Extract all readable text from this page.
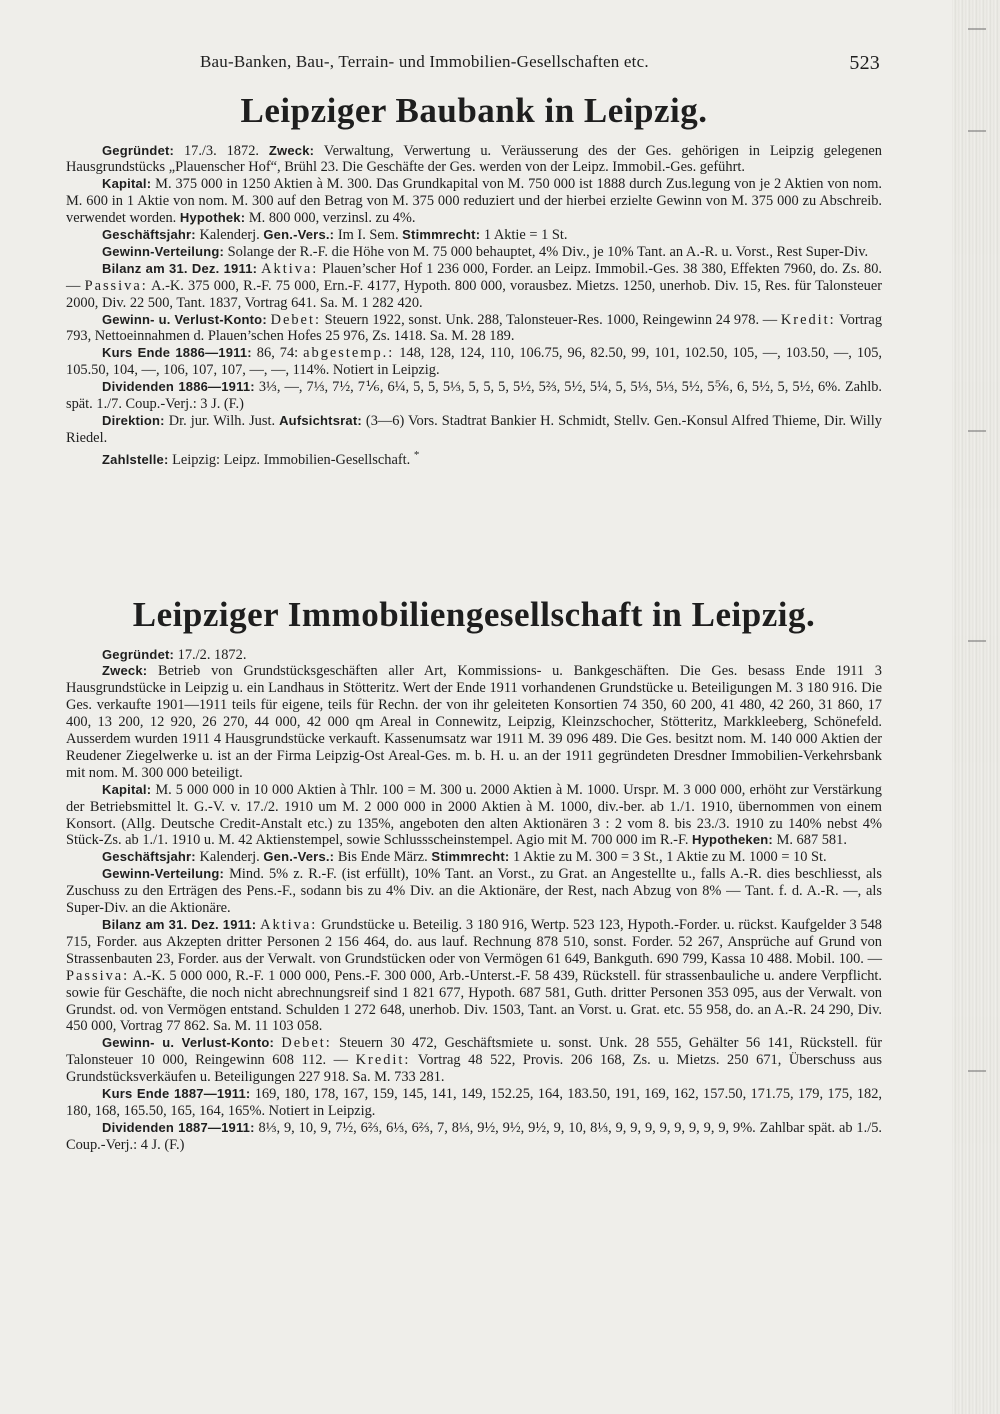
Bau-Banken, Bau-, Terrain- und Immobilien-Gesellschaften etc.	523
Leipziger Baubank in Leipzig.

Gegründet: 17./3. 1872. Zweck: Verwaltung, Verwertung u. Veräusserung des der Ges. gehörigen in Leipzig gelegenen Hausgrundstücks „Plauenscher Hof“, Brühl 23. Die Geschäfte der Ges. werden von der Leipz. Immobil.-Ges. geführt.

Kapital: M. 375 000 in 1250 Aktien à M. 300. Das Grundkapital von M. 750 000 ist 1888 durch Zus.legung von je 2 Aktien von nom. M. 600 in 1 Aktie von nom. M. 300 auf den Betrag von M. 375 000 reduziert und der hierbei erzielte Gewinn von M. 375 000 zu Abschreib. verwendet worden. Hypothek: M. 800 000, verzinsl. zu 4%.

Geschäftsjahr: Kalenderj. Gen.-Vers.: Im I. Sem. Stimmrecht: 1 Aktie = 1 St.

Gewinn-Verteilung: Solange der R.-F. die Höhe von M. 75 000 behauptet, 4% Div., je 10% Tant. an A.-R. u. Vorst., Rest Super-Div.

Bilanz am 31. Dez. 1911: Aktiva: Plauen’scher Hof 1 236 000, Forder. an Leipz. Immobil.-Ges. 38 380, Effekten 7960, do. Zs. 80. — Passiva: A.-K. 375 000, R.-F. 75 000, Ern.-F. 4177, Hypoth. 800 000, vorausbez. Mietzs. 1250, unerhob. Div. 15, Res. für Talonsteuer 2000, Div. 22 500, Tant. 1837, Vortrag 641. Sa. M. 1 282 420.

Gewinn- u. Verlust-Konto: Debet: Steuern 1922, sonst. Unk. 288, Talonsteuer-Res. 1000, Reingewinn 24 978. — Kredit: Vortrag 793, Nettoeinnahmen d. Plauen’schen Hofes 25 976, Zs. 1418. Sa. M. 28 189.

Kurs Ende 1886—1911: 86, 74: abgestemp.: 148, 128, 124, 110, 106.75, 96, 82.50, 99, 101, 102.50, 105, —, 103.50, —, 105, 105.50, 104, —, 106, 107, 107, —, —, 114%. Notiert in Leipzig.

Dividenden 1886—1911: 3⅓, —, 7⅓, 7½, 7⅙, 6¼, 5, 5, 5⅓, 5, 5, 5, 5½, 5⅔, 5½, 5¼, 5, 5⅓, 5⅓, 5½, 5⅚, 6, 5½, 5, 5½, 6%. Zahlb. spät. 1./7. Coup.-Verj.: 3 J. (F.)

Direktion: Dr. jur. Wilh. Just. Aufsichtsrat: (3—6) Vors. Stadtrat Bankier H. Schmidt, Stellv. Gen.-Konsul Alfred Thieme, Dir. Willy Riedel.

Zahlstelle: Leipzig: Leipz. Immobilien-Gesellschaft. *

Leipziger Immobiliengesellschaft in Leipzig.

Gegründet: 17./2. 1872.

Zweck: Betrieb von Grundstücksgeschäften aller Art, Kommissions- u. Bankgeschäften. Die Ges. besass Ende 1911 3 Hausgrundstücke in Leipzig u. ein Landhaus in Stötteritz. Wert der Ende 1911 vorhandenen Grundstücke u. Beteiligungen M. 3 180 916. Die Ges. verkaufte 1901—1911 teils für eigene, teils für Rechn. der von ihr geleiteten Konsortien 74 350, 60 200, 41 480, 42 260, 31 860, 17 400, 13 200, 12 920, 26 270, 44 000, 42 000 qm Areal in Connewitz, Leipzig, Kleinzschocher, Stötteritz, Markkleeberg, Schönefeld. Ausserdem wurden 1911 4 Hausgrundstücke verkauft. Kassenumsatz war 1911 M. 39 096 489. Die Ges. besitzt nom. M. 140 000 Aktien der Reudener Ziegelwerke u. ist an der Firma Leipzig-Ost Areal-Ges. m. b. H. u. an der 1911 gegründeten Dresdner Immobilien-Verkehrsbank mit nom. M. 300 000 beteiligt.

Kapital: M. 5 000 000 in 10 000 Aktien à Thlr. 100 = M. 300 u. 2000 Aktien à M. 1000. Urspr. M. 3 000 000, erhöht zur Verstärkung der Betriebsmittel lt. G.-V. v. 17./2. 1910 um M. 2 000 000 in 2000 Aktien à M. 1000, div.-ber. ab 1./1. 1910, übernommen von einem Konsort. (Allg. Deutsche Credit-Anstalt etc.) zu 135%, angeboten den alten Aktionären 3 : 2 vom 8. bis 23./3. 1910 zu 140% nebst 4% Stück-Zs. ab 1./1. 1910 u. M. 42 Aktienstempel, sowie Schlussscheinstempel. Agio mit M. 700 000 im R.-F. Hypotheken: M. 687 581.

Geschäftsjahr: Kalenderj. Gen.-Vers.: Bis Ende März. Stimmrecht: 1 Aktie zu M. 300 = 3 St., 1 Aktie zu M. 1000 = 10 St.

Gewinn-Verteilung: Mind. 5% z. R.-F. (ist erfüllt), 10% Tant. an Vorst., zu Grat. an Angestellte u., falls A.-R. dies beschliesst, als Zuschuss zu den Erträgen des Pens.-F., sodann bis zu 4% Div. an die Aktionäre, der Rest, nach Abzug von 8% — Tant. f. d. A.-R. —, als Super-Div. an die Aktionäre.

Bilanz am 31. Dez. 1911: Aktiva: Grundstücke u. Beteilig. 3 180 916, Wertp. 523 123, Hypoth.-Forder. u. rückst. Kaufgelder 3 548 715, Forder. aus Akzepten dritter Personen 2 156 464, do. aus lauf. Rechnung 878 510, sonst. Forder. 52 267, Ansprüche auf Grund von Strassenbauten 23, Forder. aus der Verwalt. von Grundstücken oder von Vermögen 61 649, Bankguth. 690 799, Kassa 10 488. Mobil. 100. — Passiva: A.-K. 5 000 000, R.-F. 1 000 000, Pens.-F. 300 000, Arb.-Unterst.-F. 58 439, Rückstell. für strassenbauliche u. andere Verpflicht. sowie für Geschäfte, die noch nicht abrechnungsreif sind 1 821 677, Hypoth. 687 581, Guth. dritter Personen 353 095, aus der Verwalt. von Grundst. od. von Vermögen entstand. Schulden 1 272 648, unerhob. Div. 1503, Tant. an Vorst. u. Grat. etc. 55 958, do. an A.-R. 24 290, Div. 450 000, Vortrag 77 862. Sa. M. 11 103 058.

Gewinn- u. Verlust-Konto: Debet: Steuern 30 472, Geschäftsmiete u. sonst. Unk. 28 555, Gehälter 56 141, Rückstell. für Talonsteuer 10 000, Reingewinn 608 112. — Kredit: Vortrag 48 522, Provis. 206 168, Zs. u. Mietzs. 250 671, Überschuss aus Grundstücksverkäufen u. Beteiligungen 227 918. Sa. M. 733 281.

Kurs Ende 1887—1911: 169, 180, 178, 167, 159, 145, 141, 149, 152.25, 164, 183.50, 191, 169, 162, 157.50, 171.75, 179, 175, 182, 180, 168, 165.50, 165, 164, 165%. Notiert in Leipzig.

Dividenden 1887—1911: 8⅓, 9, 10, 9, 7½, 6⅔, 6⅓, 6⅔, 7, 8⅓, 9½, 9½, 9½, 9, 10, 8⅓, 9, 9, 9, 9, 9, 9, 9, 9, 9%. Zahlbar spät. ab 1./5. Coup.-Verj.: 4 J. (F.)
